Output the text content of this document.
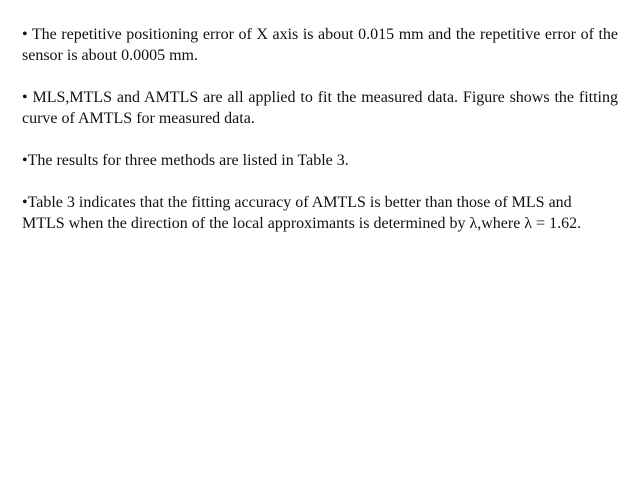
• The repetitive positioning error of X axis is about 0.015 mm and the repetitive error of the sensor is about 0.0005 mm.

• MLS,MTLS and AMTLS are all applied to fit the measured data. Figure shows the fitting curve of AMTLS for measured data.

•The results for three methods are listed in Table 3.

•Table 3 indicates that the fitting accuracy of AMTLS is better than those of MLS and MTLS when the direction of the local approximants is determined by λ,where λ = 1.62.
